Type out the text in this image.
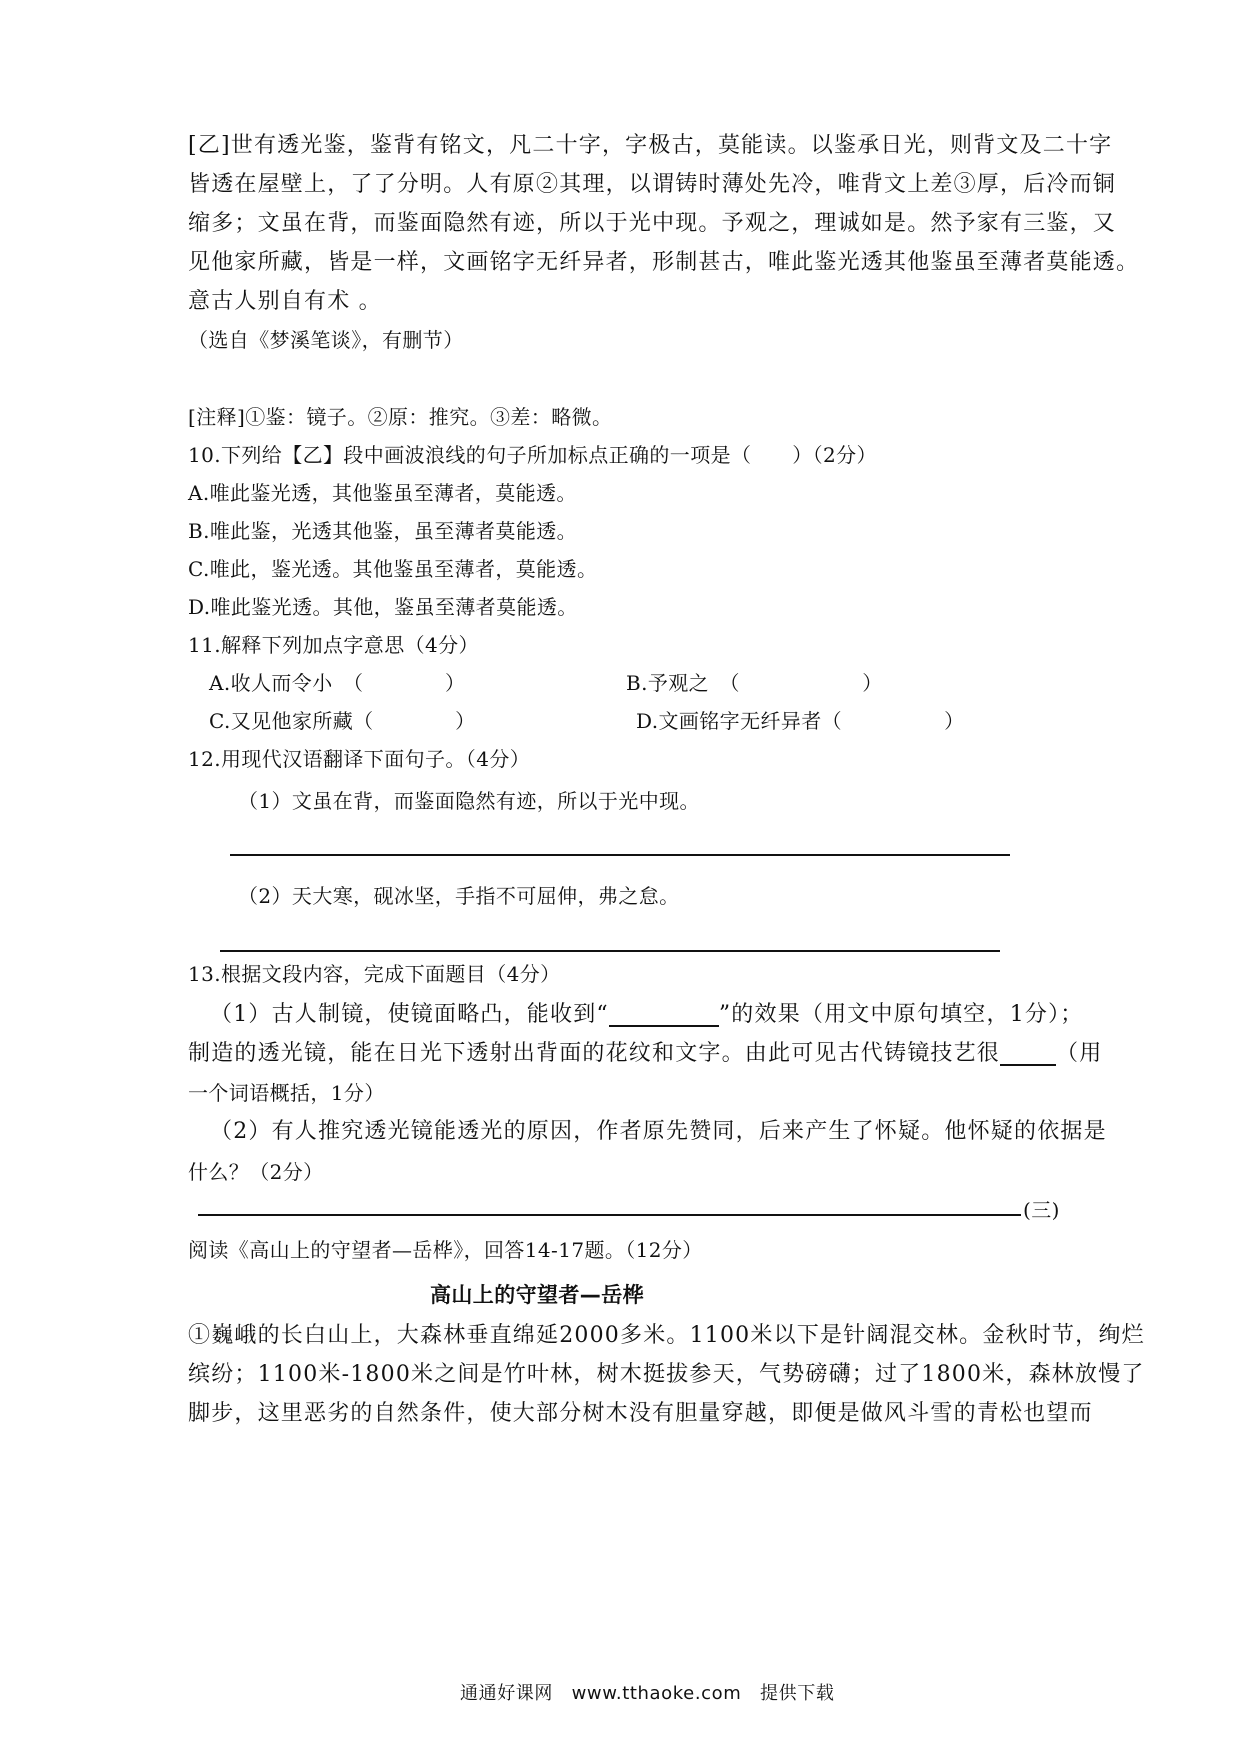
[乙]世有透光鉴，鉴背有铭文，凡二十字，字极古，莫能读。以鉴承日光，则背文及二十字
皆透在屋壁上，了了分明。人有原②其理，以谓铸时薄处先冷，唯背文上差③厚，后冷而铜
缩多；文虽在背，而鉴面隐然有迹，所以于光中现。予观之，理诚如是。然予家有三鉴，又
见他家所藏，皆是一样，文画铭字无纤异者，形制甚古，唯此鉴光透其他鉴虽至薄者莫能透。
意古人别自有术 。
（选自《梦溪笔谈》，有删节）
[注释]①鉴：镜子。②原：推究。③差：略微。
10.下列给【乙】段中画波浪线的句子所加标点正确的一项是（　　）（2分）
A.唯此鉴光透，其他鉴虽至薄者，莫能透。
B.唯此鉴，光透其他鉴，虽至薄者莫能透。
C.唯此，鉴光透。其他鉴虽至薄者，莫能透。
D.唯此鉴光透。其他，鉴虽至薄者莫能透。
11.解释下列加点字意思（4分）
A.收人而令小　（　　　　）	B.予观之　（　　　　　　）
C.又见他家所藏（　　　　）	D.文画铭字无纤异者（　　　　　）
12.用现代汉语翻译下面句子。（4分）
（1）文虽在背，而鉴面隐然有迹，所以于光中现。
（2）天大寒，砚冰坚，手指不可屈伸，弗之怠。
13.根据文段内容，完成下面题目（4分）
（1）古人制镜，使镜面略凸，能收到“	”的效果（用文中原句填空，1分）；
制造的透光镜，能在日光下透射出背面的花纹和文字。由此可见古代铸镜技艺很	（用
一个词语概括，1分）
（2）有人推究透光镜能透光的原因，作者原先赞同，后来产生了怀疑。他怀疑的依据是
什么？（2分）
(三)
阅读《高山上的守望者—岳桦》，回答14-17题。（12分）
高山上的守望者—岳桦
①巍峨的长白山上，大森林垂直绵延2000多米。1100米以下是针阔混交林。金秋时节，绚烂
缤纷；1100米-1800米之间是竹叶林，树木挺拔参天，气势磅礴；过了1800米，森林放慢了
脚步，这里恶劣的自然条件，使大部分树木没有胆量穿越，即便是做风斗雪的青松也望而
通通好课网　www.tthaoke.com　提供下载
